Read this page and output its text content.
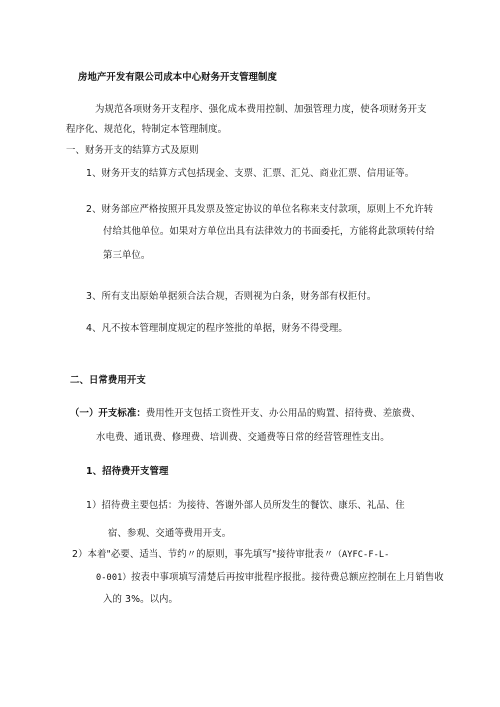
房地产开发有限公司成本中心财务开支管理制度
为规范各项财务开支程序、强化成本费用控制、加强管理力度，使各项财务开支
程序化、规范化，特制定本管理制度。
一、财务开支的结算方式及原则
1、财务开支的结算方式包括现金、支票、汇票、汇兑、商业汇票、信用证等。
2、财务部应严格按照开具发票及签定协议的单位名称来支付款项，原则上不允许转
付给其他单位。如果对方单位出具有法律效力的书面委托，方能将此款项转付给
第三单位。
3、所有支出原始单据须合法合规，否则视为白条，财务部有权拒付。
4、凡不按本管理制度规定的程序签批的单据，财务不得受理。
二、日常费用开支
（一）开支标准：费用性开支包括工资性开支、办公用品的购置、招待费、差旅费、
水电费、通讯费、修理费、培训费、交通费等日常的经营管理性支出。
1、招待费开支管理
1）招待费主要包括：为接待、答谢外部人员所发生的餐饮、康乐、礼品、住
宿、参观、交通等费用开支。
2）本着"必要、适当、节约〃的原则，事先填写"接待审批表〃（AYFC-F-L-
0-001）按表中事项填写清楚后再按审批程序报批。接待费总额应控制在上月销售收
入的 3%。以内。
